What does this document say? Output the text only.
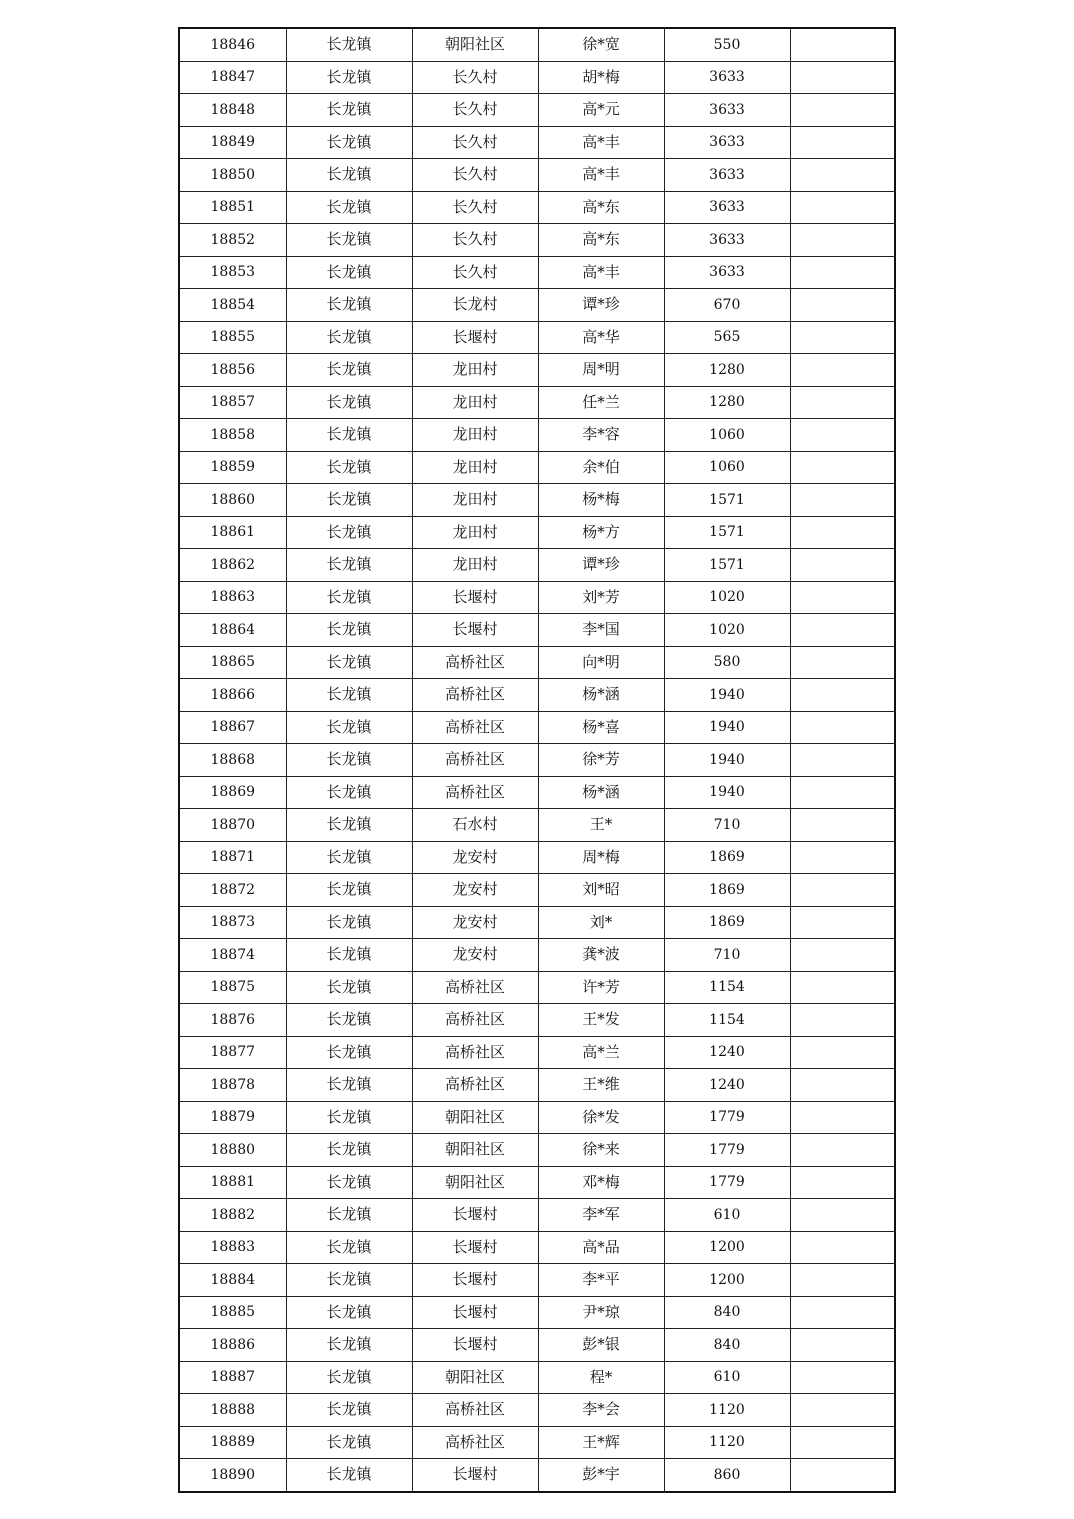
18846	长龙镇	朝阳社区	徐*宽	550	
18847	长龙镇	长久村	胡*梅	3633	
18848	长龙镇	长久村	高*元	3633	
18849	长龙镇	长久村	高*丰	3633	
18850	长龙镇	长久村	高*丰	3633	
18851	长龙镇	长久村	高*东	3633	
18852	长龙镇	长久村	高*东	3633	
18853	长龙镇	长久村	高*丰	3633	
18854	长龙镇	长龙村	谭*珍	670	
18855	长龙镇	长堰村	高*华	565	
18856	长龙镇	龙田村	周*明	1280	
18857	长龙镇	龙田村	任*兰	1280	
18858	长龙镇	龙田村	李*容	1060	
18859	长龙镇	龙田村	余*伯	1060	
18860	长龙镇	龙田村	杨*梅	1571	
18861	长龙镇	龙田村	杨*方	1571	
18862	长龙镇	龙田村	谭*珍	1571	
18863	长龙镇	长堰村	刘*芳	1020	
18864	长龙镇	长堰村	李*国	1020	
18865	长龙镇	高桥社区	向*明	580	
18866	长龙镇	高桥社区	杨*涵	1940	
18867	长龙镇	高桥社区	杨*喜	1940	
18868	长龙镇	高桥社区	徐*芳	1940	
18869	长龙镇	高桥社区	杨*涵	1940	
18870	长龙镇	石水村	王*	710	
18871	长龙镇	龙安村	周*梅	1869	
18872	长龙镇	龙安村	刘*昭	1869	
18873	长龙镇	龙安村	刘*	1869	
18874	长龙镇	龙安村	龚*波	710	
18875	长龙镇	高桥社区	许*芳	1154	
18876	长龙镇	高桥社区	王*发	1154	
18877	长龙镇	高桥社区	高*兰	1240	
18878	长龙镇	高桥社区	王*维	1240	
18879	长龙镇	朝阳社区	徐*发	1779	
18880	长龙镇	朝阳社区	徐*来	1779	
18881	长龙镇	朝阳社区	邓*梅	1779	
18882	长龙镇	长堰村	李*军	610	
18883	长龙镇	长堰村	高*品	1200	
18884	长龙镇	长堰村	李*平	1200	
18885	长龙镇	长堰村	尹*琼	840	
18886	长龙镇	长堰村	彭*银	840	
18887	长龙镇	朝阳社区	程*	610	
18888	长龙镇	高桥社区	李*会	1120	
18889	长龙镇	高桥社区	王*辉	1120	
18890	长龙镇	长堰村	彭*宇	860	
